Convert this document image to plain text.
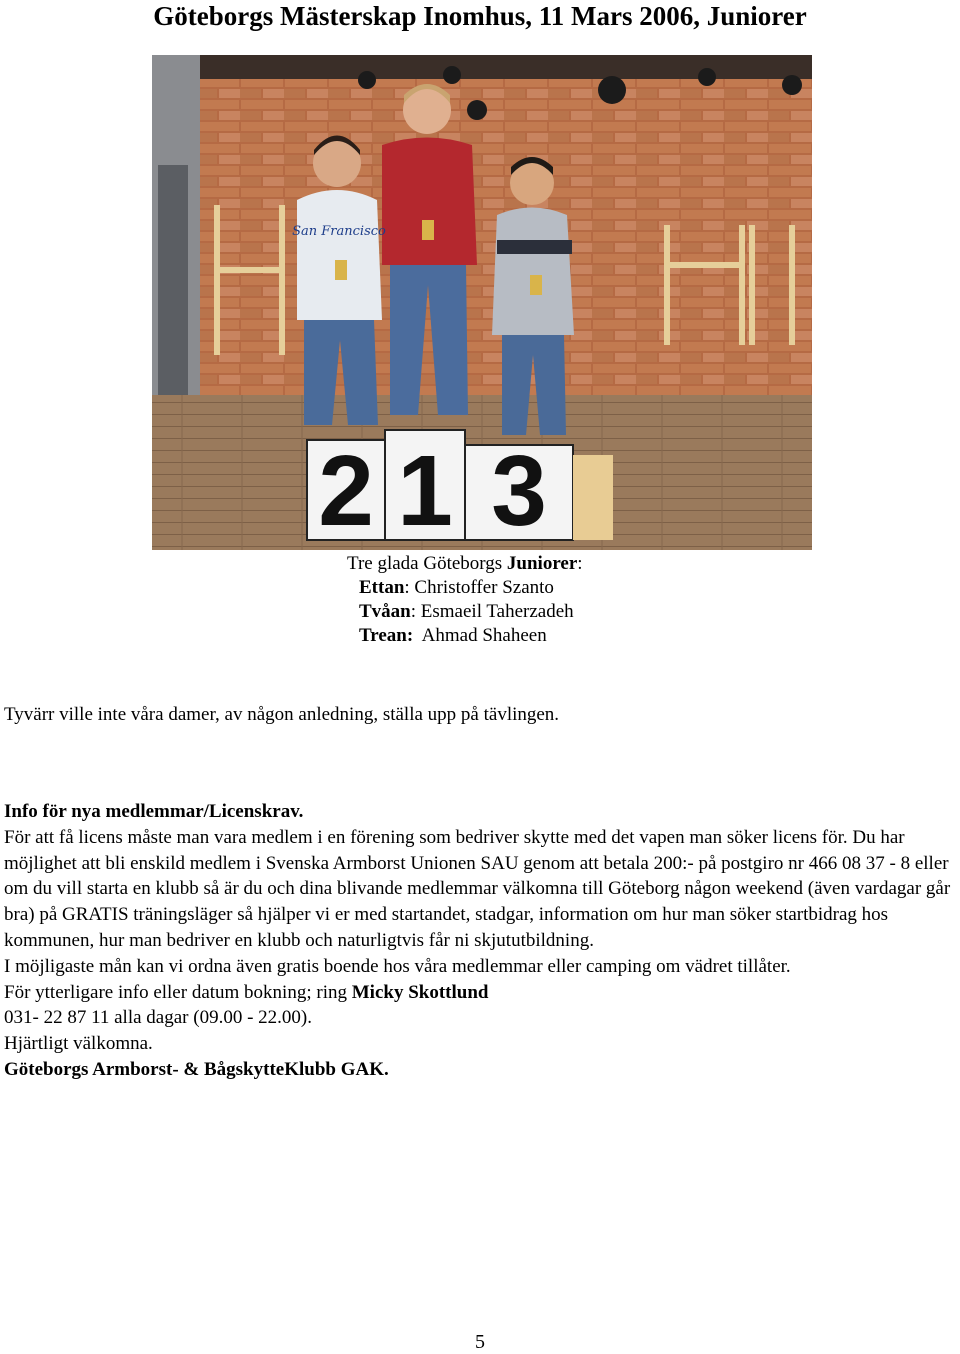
Göteborgs Mästerskap Inomhus, 11 Mars 2006, Juniorer
2 1 3
San Francisco
Tre glada Göteborgs Juniorer:
Ettan: Christoffer Szanto
Tvåan: Esmaeil Taherzadeh
Trean:  Ahmad Shaheen
Tyvärr ville inte våra damer, av någon anledning, ställa upp på tävlingen.

Info för nya medlemmar/Licenskrav.

För att få licens måste man vara medlem i en förening som bedriver skytte med det vapen man söker licens för. Du har möjlighet att bli enskild medlem i Svenska Armborst Unionen SAU genom att betala 200:- på postgiro nr 466 08 37 - 8 eller om du vill starta en klubb så är du och dina blivande medlemmar välkomna till Göteborg någon weekend (även vardagar går bra) på GRATIS träningsläger så hjälper vi er med startandet, stadgar, information om hur man söker startbidrag hos kommunen, hur man bedriver en klubb och naturligtvis får ni skjututbildning.

I möjligaste mån kan vi ordna även gratis boende hos våra medlemmar eller camping om vädret tillåter.

För ytterligare info eller datum bokning; ring Micky Skottlund

031- 22 87 11 alla dagar (09.00 - 22.00).

Hjärtligt välkomna.

Göteborgs Armborst- & BågskytteKlubb GAK.

5
